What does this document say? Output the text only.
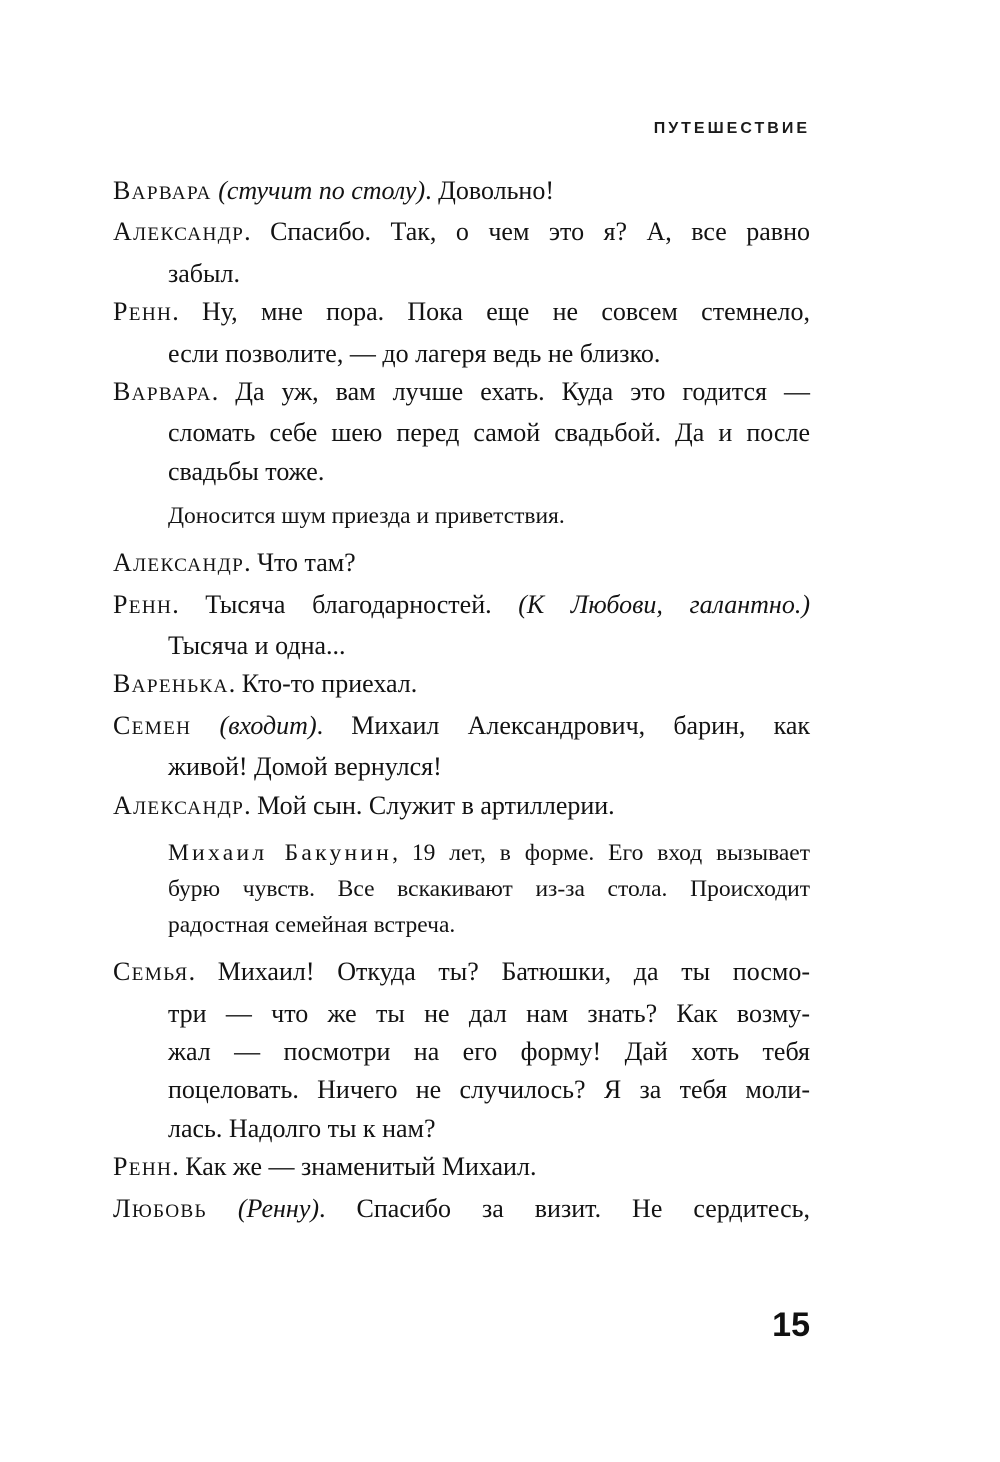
ПУТЕШЕСТВИЕ
ВАРВАРА (стучит по столу). Довольно!
АЛЕКСАНДР. Спасибо. Так, о чем это я? А, все равно
забыл.
РЕНН. Ну, мне пора. Пока еще не совсем стемнело,
если позволите, — до лагеря ведь не близко.
ВАРВАРА. Да уж, вам лучше ехать. Куда это годится —
сломать себе шею перед самой свадьбой. Да и после
свадьбы тоже.
Доносится шум приезда и приветствия.
АЛЕКСАНДР. Что там?
РЕНН. Тысяча благодарностей. (К Любови, галантно.)
Тысяча и одна...
ВАРЕНЬКА. Кто-то приехал.
СЕМЕН (входит). Михаил Александрович, барин, как
живой! Домой вернулся!
АЛЕКСАНДР. Мой сын. Служит в артиллерии.
Михаил Бакунин, 19 лет, в форме. Его вход вызывает
бурю чувств. Все вскакивают из-за стола. Происходит
радостная семейная встреча.
СЕМЬЯ. Михаил! Откуда ты? Батюшки, да ты посмо-
три — что же ты не дал нам знать? Как возму-
жал — посмотри на его форму! Дай хоть тебя
поцеловать. Ничего не случилось? Я за тебя моли-
лась. Надолго ты к нам?
РЕНН. Как же — знаменитый Михаил.
ЛЮБОВЬ (Ренну). Спасибо за визит. Не сердитесь,
15
